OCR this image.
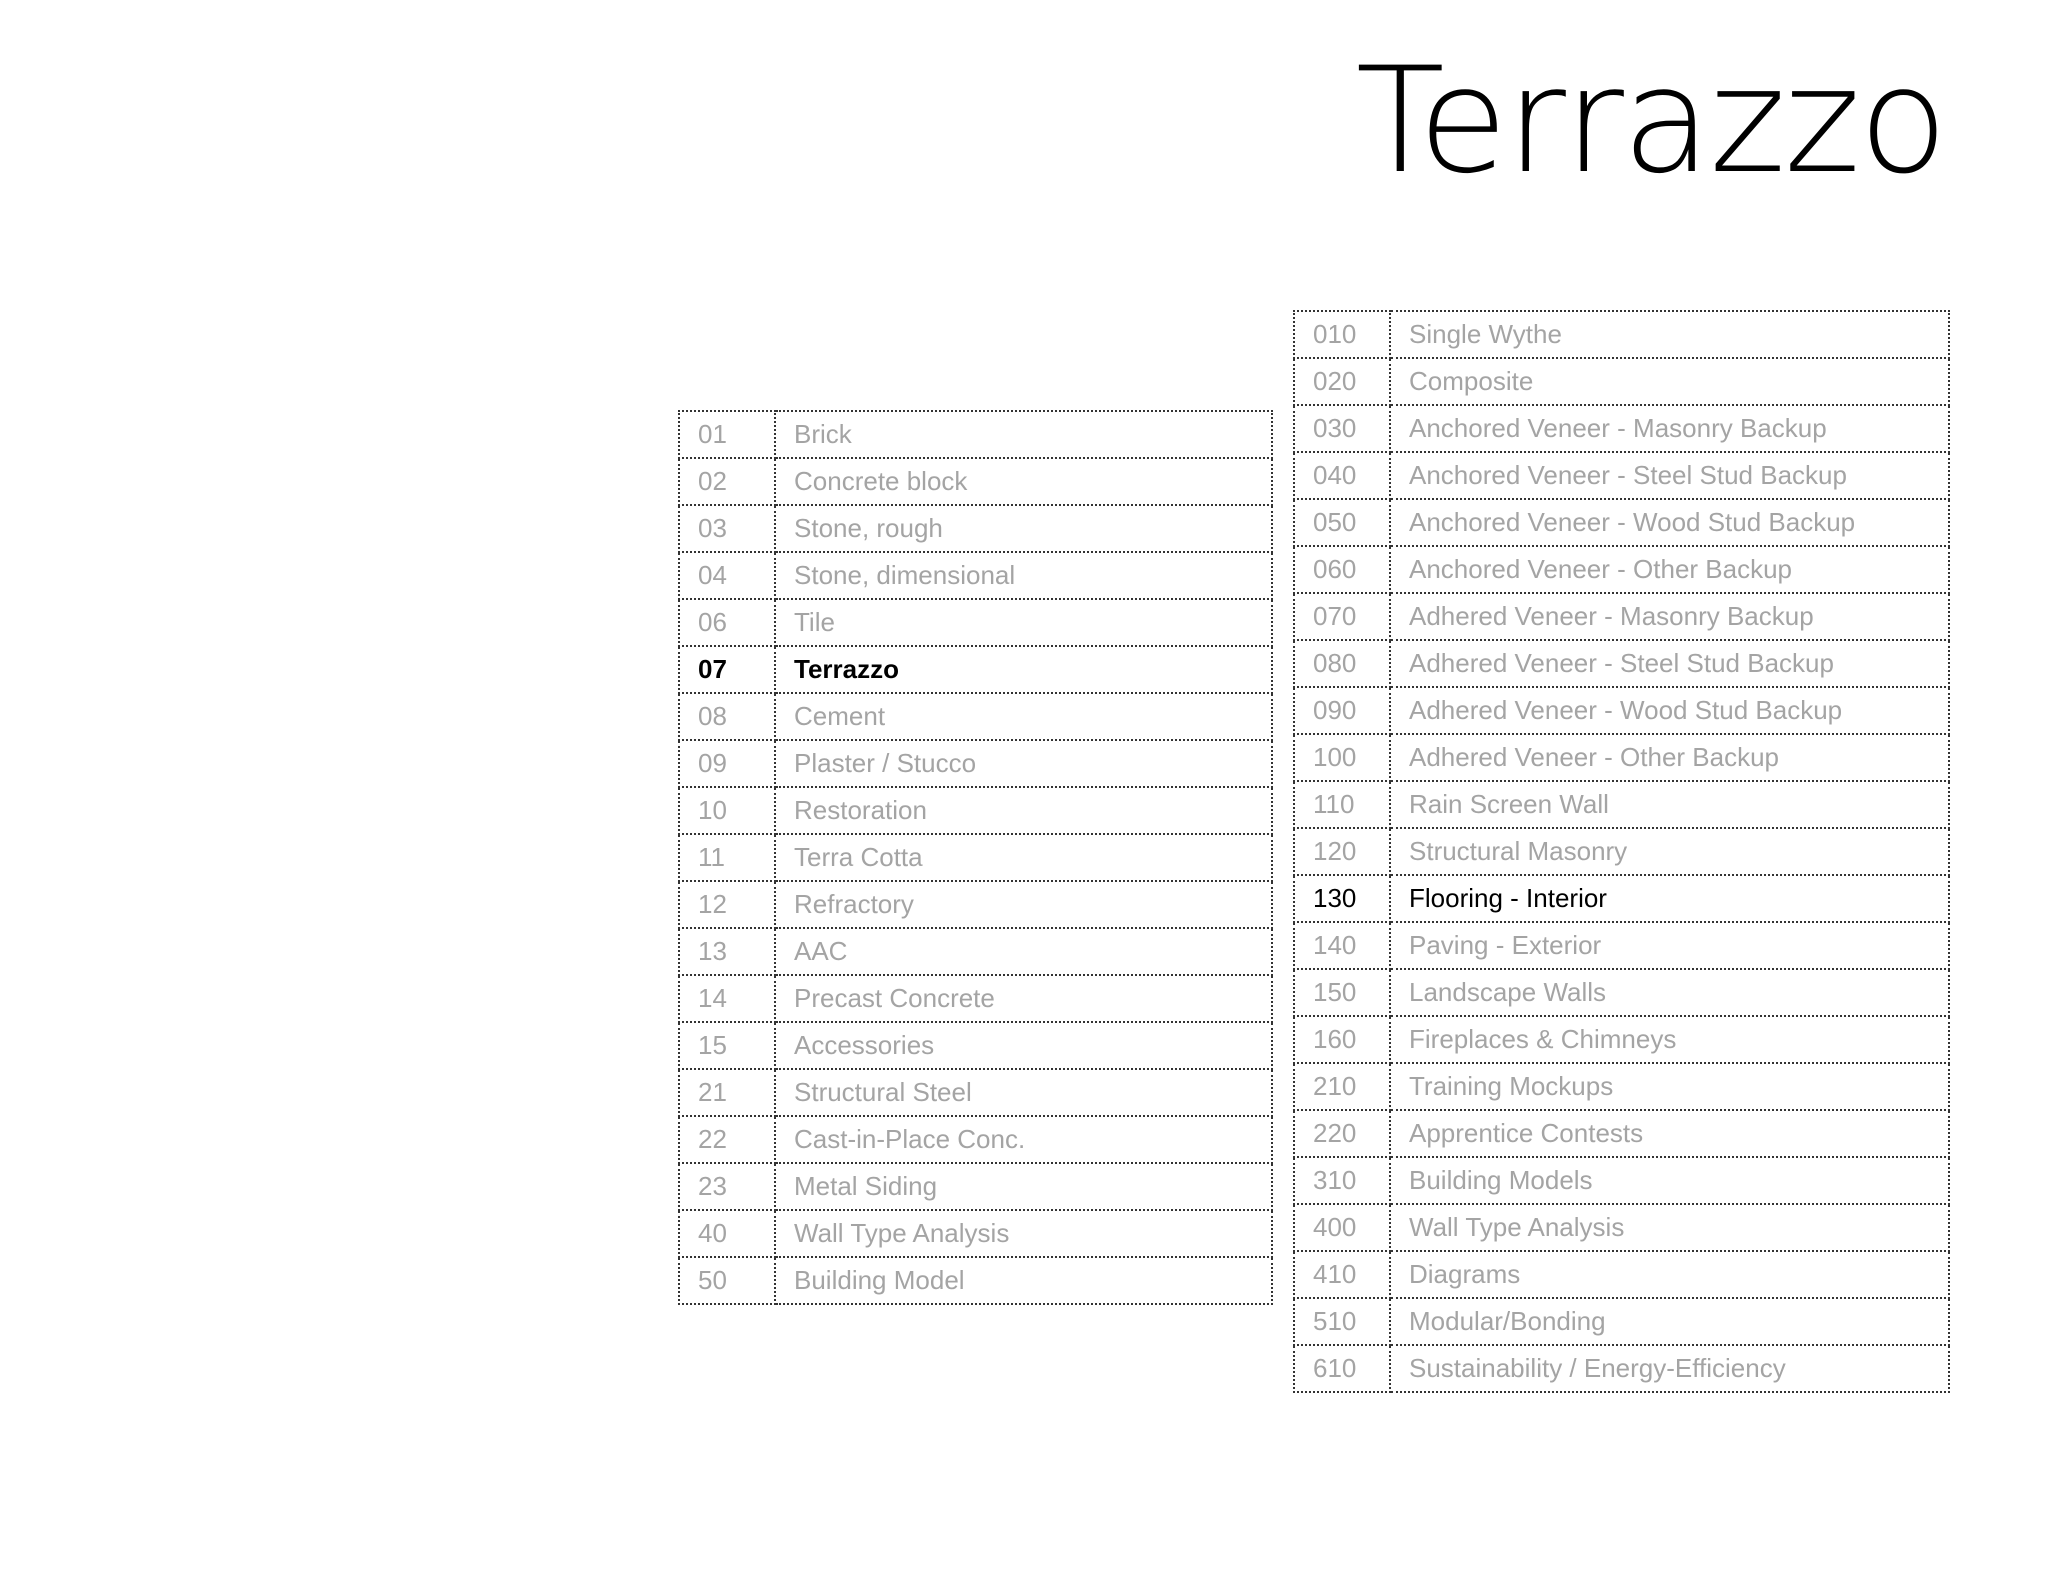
Terrazzo
01	Brick
02	Concrete block
03	Stone, rough
04	Stone, dimensional
06	Tile
07	Terrazzo
08	Cement
09	Plaster / Stucco
10	Restoration
11	Terra Cotta
12	Refractory
13	AAC
14	Precast Concrete
15	Accessories
21	Structural Steel
22	Cast-in-Place Conc.
23	Metal Siding
40	Wall Type Analysis
50	Building Model
010	Single Wythe
020	Composite
030	Anchored Veneer - Masonry Backup
040	Anchored Veneer - Steel Stud Backup
050	Anchored Veneer - Wood Stud Backup
060	Anchored Veneer - Other Backup
070	Adhered Veneer - Masonry Backup
080	Adhered Veneer - Steel Stud Backup
090	Adhered Veneer - Wood Stud Backup
100	Adhered Veneer - Other Backup
110	Rain Screen Wall
120	Structural Masonry
130	Flooring - Interior
140	Paving - Exterior
150	Landscape Walls
160	Fireplaces & Chimneys
210	Training Mockups
220	Apprentice Contests
310	Building Models
400	Wall Type Analysis
410	Diagrams
510	Modular/Bonding
610	Sustainability / Energy-Efficiency
